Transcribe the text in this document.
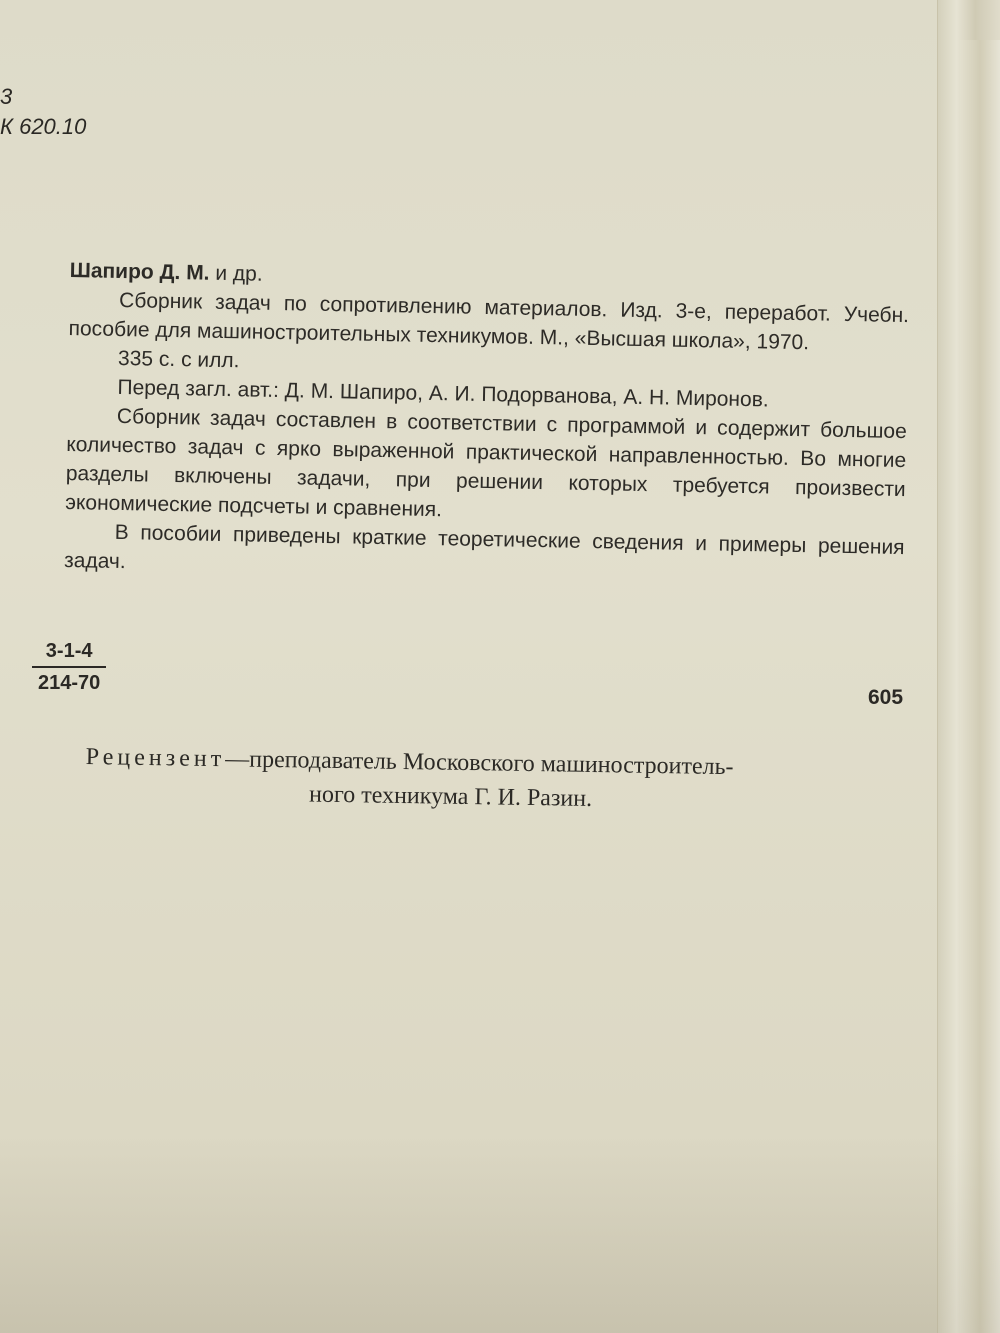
3
К 620.10

Шапиро Д. М. и др.

Сборник задач по сопротивлению материалов. Изд. 3-е, переработ. Учебн. пособие для машиностроительных техникумов. М., «Высшая школа», 1970.

335 с. с илл.

Перед загл. авт.: Д. М. Шапиро, А. И. Подорванова, А. Н. Миронов.

Сборник задач составлен в соответствии с программой и содержит большое количество задач с ярко выраженной практической направленностью. Во многие разделы включены задачи, при решении которых требуется произвести экономические подсчеты и сравнения.

В пособии приведены краткие теоретические сведения и примеры решения задач.

3-1-4
214-70
605

Рецензент—преподаватель Московского машиностроитель-

ного техникума Г. И. Разин.
